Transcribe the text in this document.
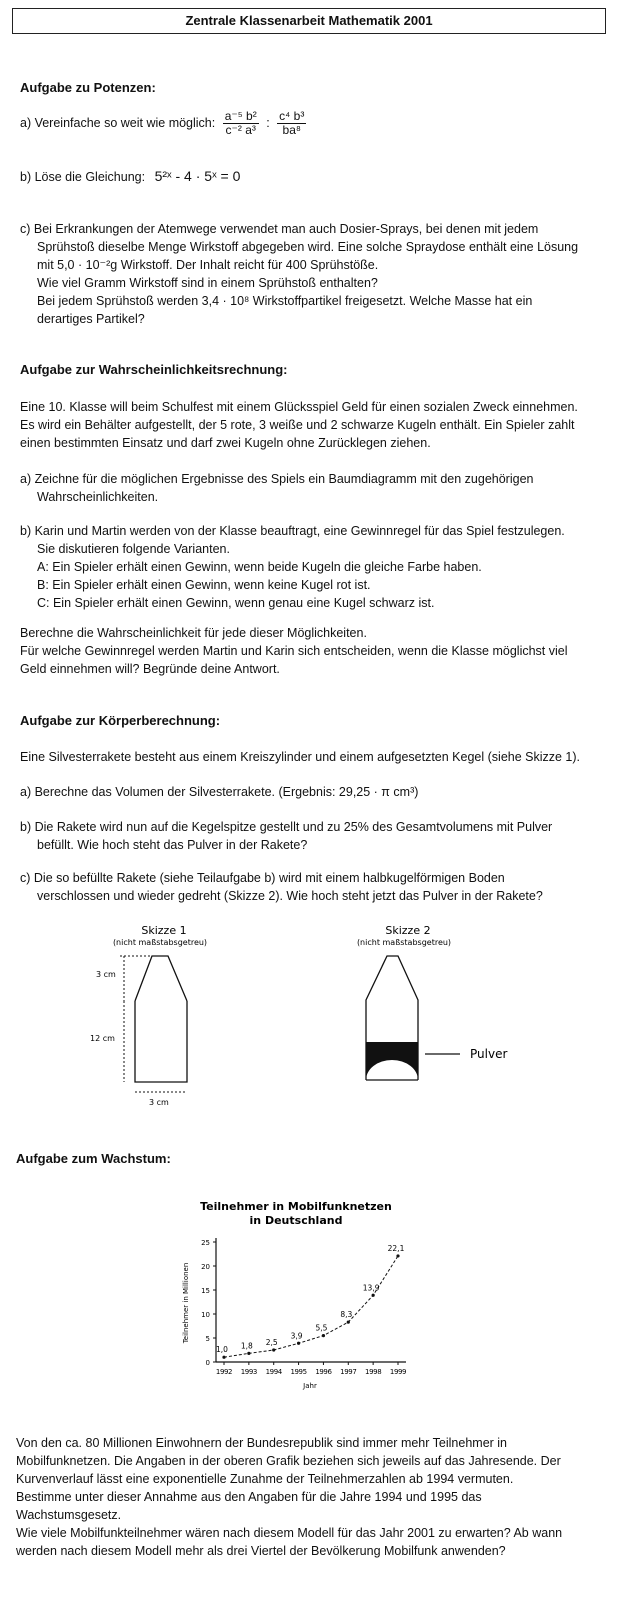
Zentrale Klassenarbeit Mathematik 2001
Aufgabe zu Potenzen:
a) Vereinfache so weit wie möglich: $\frac{\text{a⁻⁵ b²}}{\text{c⁻² a³}}$ : $\frac{\text{c⁴ b³}}{\text{ba⁸}}$
b) Löse die Gleichung: 5²ˣ - 4 · 5ˣ = 0
c) Bei Erkrankungen der Atemwege verwendet man auch Dosier-Sprays, bei denen mit jedem
Sprühstoß dieselbe Menge Wirkstoff abgegeben wird. Eine solche Spraydose enthält eine Lösung
mit 5,0 · 10⁻²g Wirkstoff. Der Inhalt reicht für 400 Sprühstöße.
Wie viel Gramm Wirkstoff sind in einem Sprühstoß enthalten?
Bei jedem Sprühstoß werden 3,4 · 10⁸ Wirkstoffpartikel freigesetzt. Welche Masse hat ein
derartiges Partikel?
Aufgabe zur Wahrscheinlichkeitsrechnung:
Eine 10. Klasse will beim Schulfest mit einem Glücksspiel Geld für einen sozialen Zweck einnehmen.
Es wird ein Behälter aufgestellt, der 5 rote, 3 weiße und 2 schwarze Kugeln enthält. Ein Spieler zahlt
einen bestimmten Einsatz und darf zwei Kugeln ohne Zurücklegen ziehen.
a) Zeichne für die möglichen Ergebnisse des Spiels ein Baumdiagramm mit den zugehörigen
Wahrscheinlichkeiten.
b) Karin und Martin werden von der Klasse beauftragt, eine Gewinnregel für das Spiel festzulegen.
Sie diskutieren folgende Varianten.
A: Ein Spieler erhält einen Gewinn, wenn beide Kugeln die gleiche Farbe haben.
B: Ein Spieler erhält einen Gewinn, wenn keine Kugel rot ist.
C: Ein Spieler erhält einen Gewinn, wenn genau eine Kugel schwarz ist.
Berechne die Wahrscheinlichkeit für jede dieser Möglichkeiten.
Für welche Gewinnregel werden Martin und Karin sich entscheiden, wenn die Klasse möglichst viel
Geld einnehmen will? Begründe deine Antwort.
Aufgabe zur Körperberechnung:
Eine Silvesterrakete besteht aus einem Kreiszylinder und einem aufgesetzten Kegel (siehe Skizze 1).
a) Berechne das Volumen der Silvesterrakete. (Ergebnis: 29,25 · π cm³)
b) Die Rakete wird nun auf die Kegelspitze gestellt und zu 25% des Gesamtvolumens mit Pulver
befüllt. Wie hoch steht das Pulver in der Rakete?
c) Die so befüllte Rakete (siehe Teilaufgabe b) wird mit einem halbkugelförmigen Boden
verschlossen und wieder gedreht (Skizze 2). Wie hoch steht jetzt das Pulver in der Rakete?
Skizze 1
(nicht maßstabsgetreu)
3 cm
12 cm
3 cm
Skizze 2
(nicht maßstabsgetreu)
Pulver
Aufgabe zum Wachstum:
Teilnehmer in Mobilfunknetzen
in Deutschland
Teilnehmer in Millionen
Jahr
0
5
10
15
20
25
1992 1993 1994 1995 1996 1997 1998 1999
1,0 1,8 2,5
3,9
5,5
8,3
13,9
22,1
Von den ca. 80 Millionen Einwohnern der Bundesrepublik sind immer mehr Teilnehmer in
Mobilfunknetzen. Die Angaben in der oberen Grafik beziehen sich jeweils auf das Jahresende. Der
Kurvenverlauf lässt eine exponentielle Zunahme der Teilnehmerzahlen ab 1994 vermuten.
Bestimme unter dieser Annahme aus den Angaben für die Jahre 1994 und 1995 das
Wachstumsgesetz.
Wie viele Mobilfunkteilnehmer wären nach diesem Modell für das Jahr 2001 zu erwarten? Ab wann
werden nach diesem Modell mehr als drei Viertel der Bevölkerung Mobilfunk anwenden?
